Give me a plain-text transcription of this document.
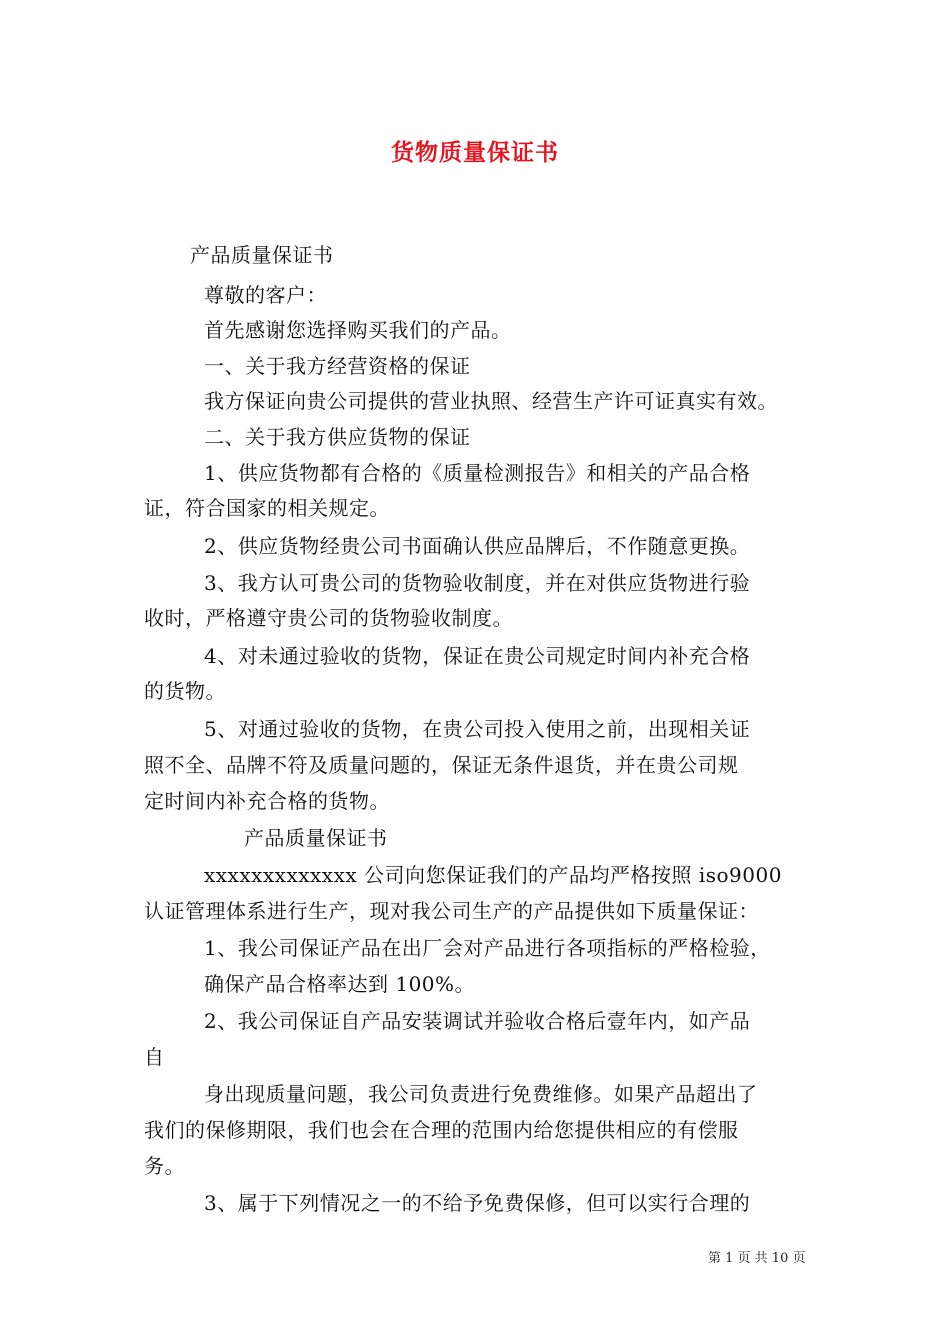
货物质量保证书
产品质量保证书
尊敬的客户：
首先感谢您选择购买我们的产品。
一、关于我方经营资格的保证
我方保证向贵公司提供的营业执照、经营生产许可证真实有效。
二、关于我方供应货物的保证
1、供应货物都有合格的《质量检测报告》和相关的产品合格
证，符合国家的相关规定。
2、供应货物经贵公司书面确认供应品牌后，不作随意更换。
3、我方认可贵公司的货物验收制度，并在对供应货物进行验
收时，严格遵守贵公司的货物验收制度。
4、对未通过验收的货物，保证在贵公司规定时间内补充合格
的货物。
5、对通过验收的货物，在贵公司投入使用之前，出现相关证
照不全、品牌不符及质量问题的，保证无条件退货，并在贵公司规
定时间内补充合格的货物。
产品质量保证书
xxxxxxxxxxxxx 公司向您保证我们的产品均严格按照 iso9000
认证管理体系进行生产，现对我公司生产的产品提供如下质量保证：
1、我公司保证产品在出厂会对产品进行各项指标的严格检验，
确保产品合格率达到 100%。
2、我公司保证自产品安装调试并验收合格后壹年内，如产品
自
身出现质量问题，我公司负责进行免费维修。如果产品超出了
我们的保修期限，我们也会在合理的范围内给您提供相应的有偿服
务。
3、属于下列情况之一的不给予免费保修，但可以实行合理的
第 1 页 共 10 页
